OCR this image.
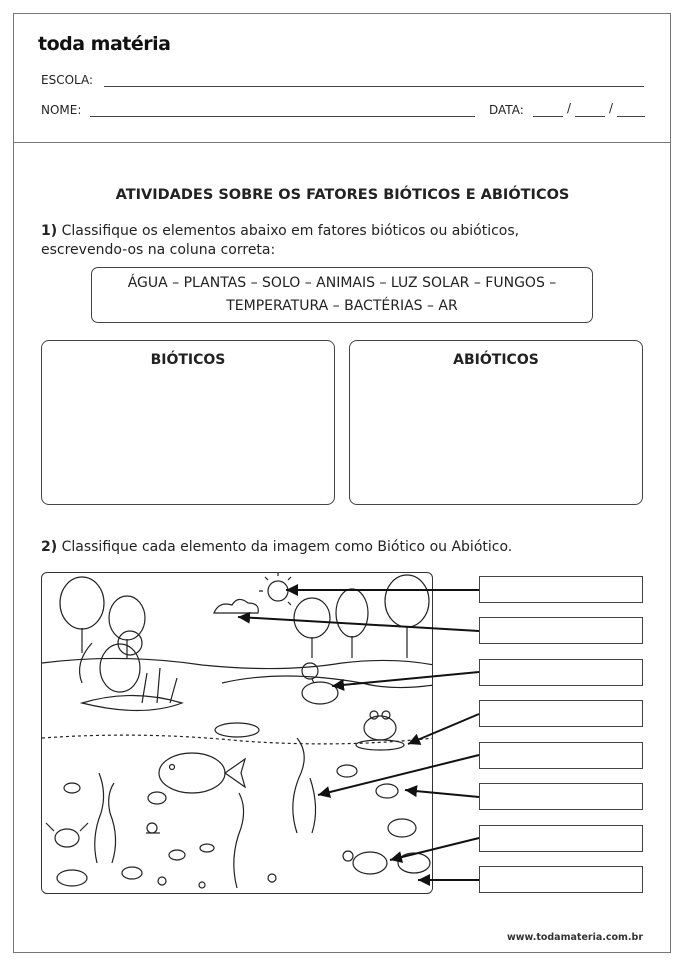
toda matéria
ESCOLA:
NOME:	DATA:	/	/
ATIVIDADES SOBRE OS FATORES BIÓTICOS E ABIÓTICOS
1) Classifique os elementos abaixo em fatores bióticos ou abióticos,
escrevendo-os na coluna correta:
ÁGUA – PLANTAS – SOLO – ANIMAIS – LUZ SOLAR – FUNGOS –
TEMPERATURA – BACTÉRIAS – AR
BIÓTICOS	ABIÓTICOS
2) Classifique cada elemento da imagem como Biótico ou Abiótico.
www.todamateria.com.br
